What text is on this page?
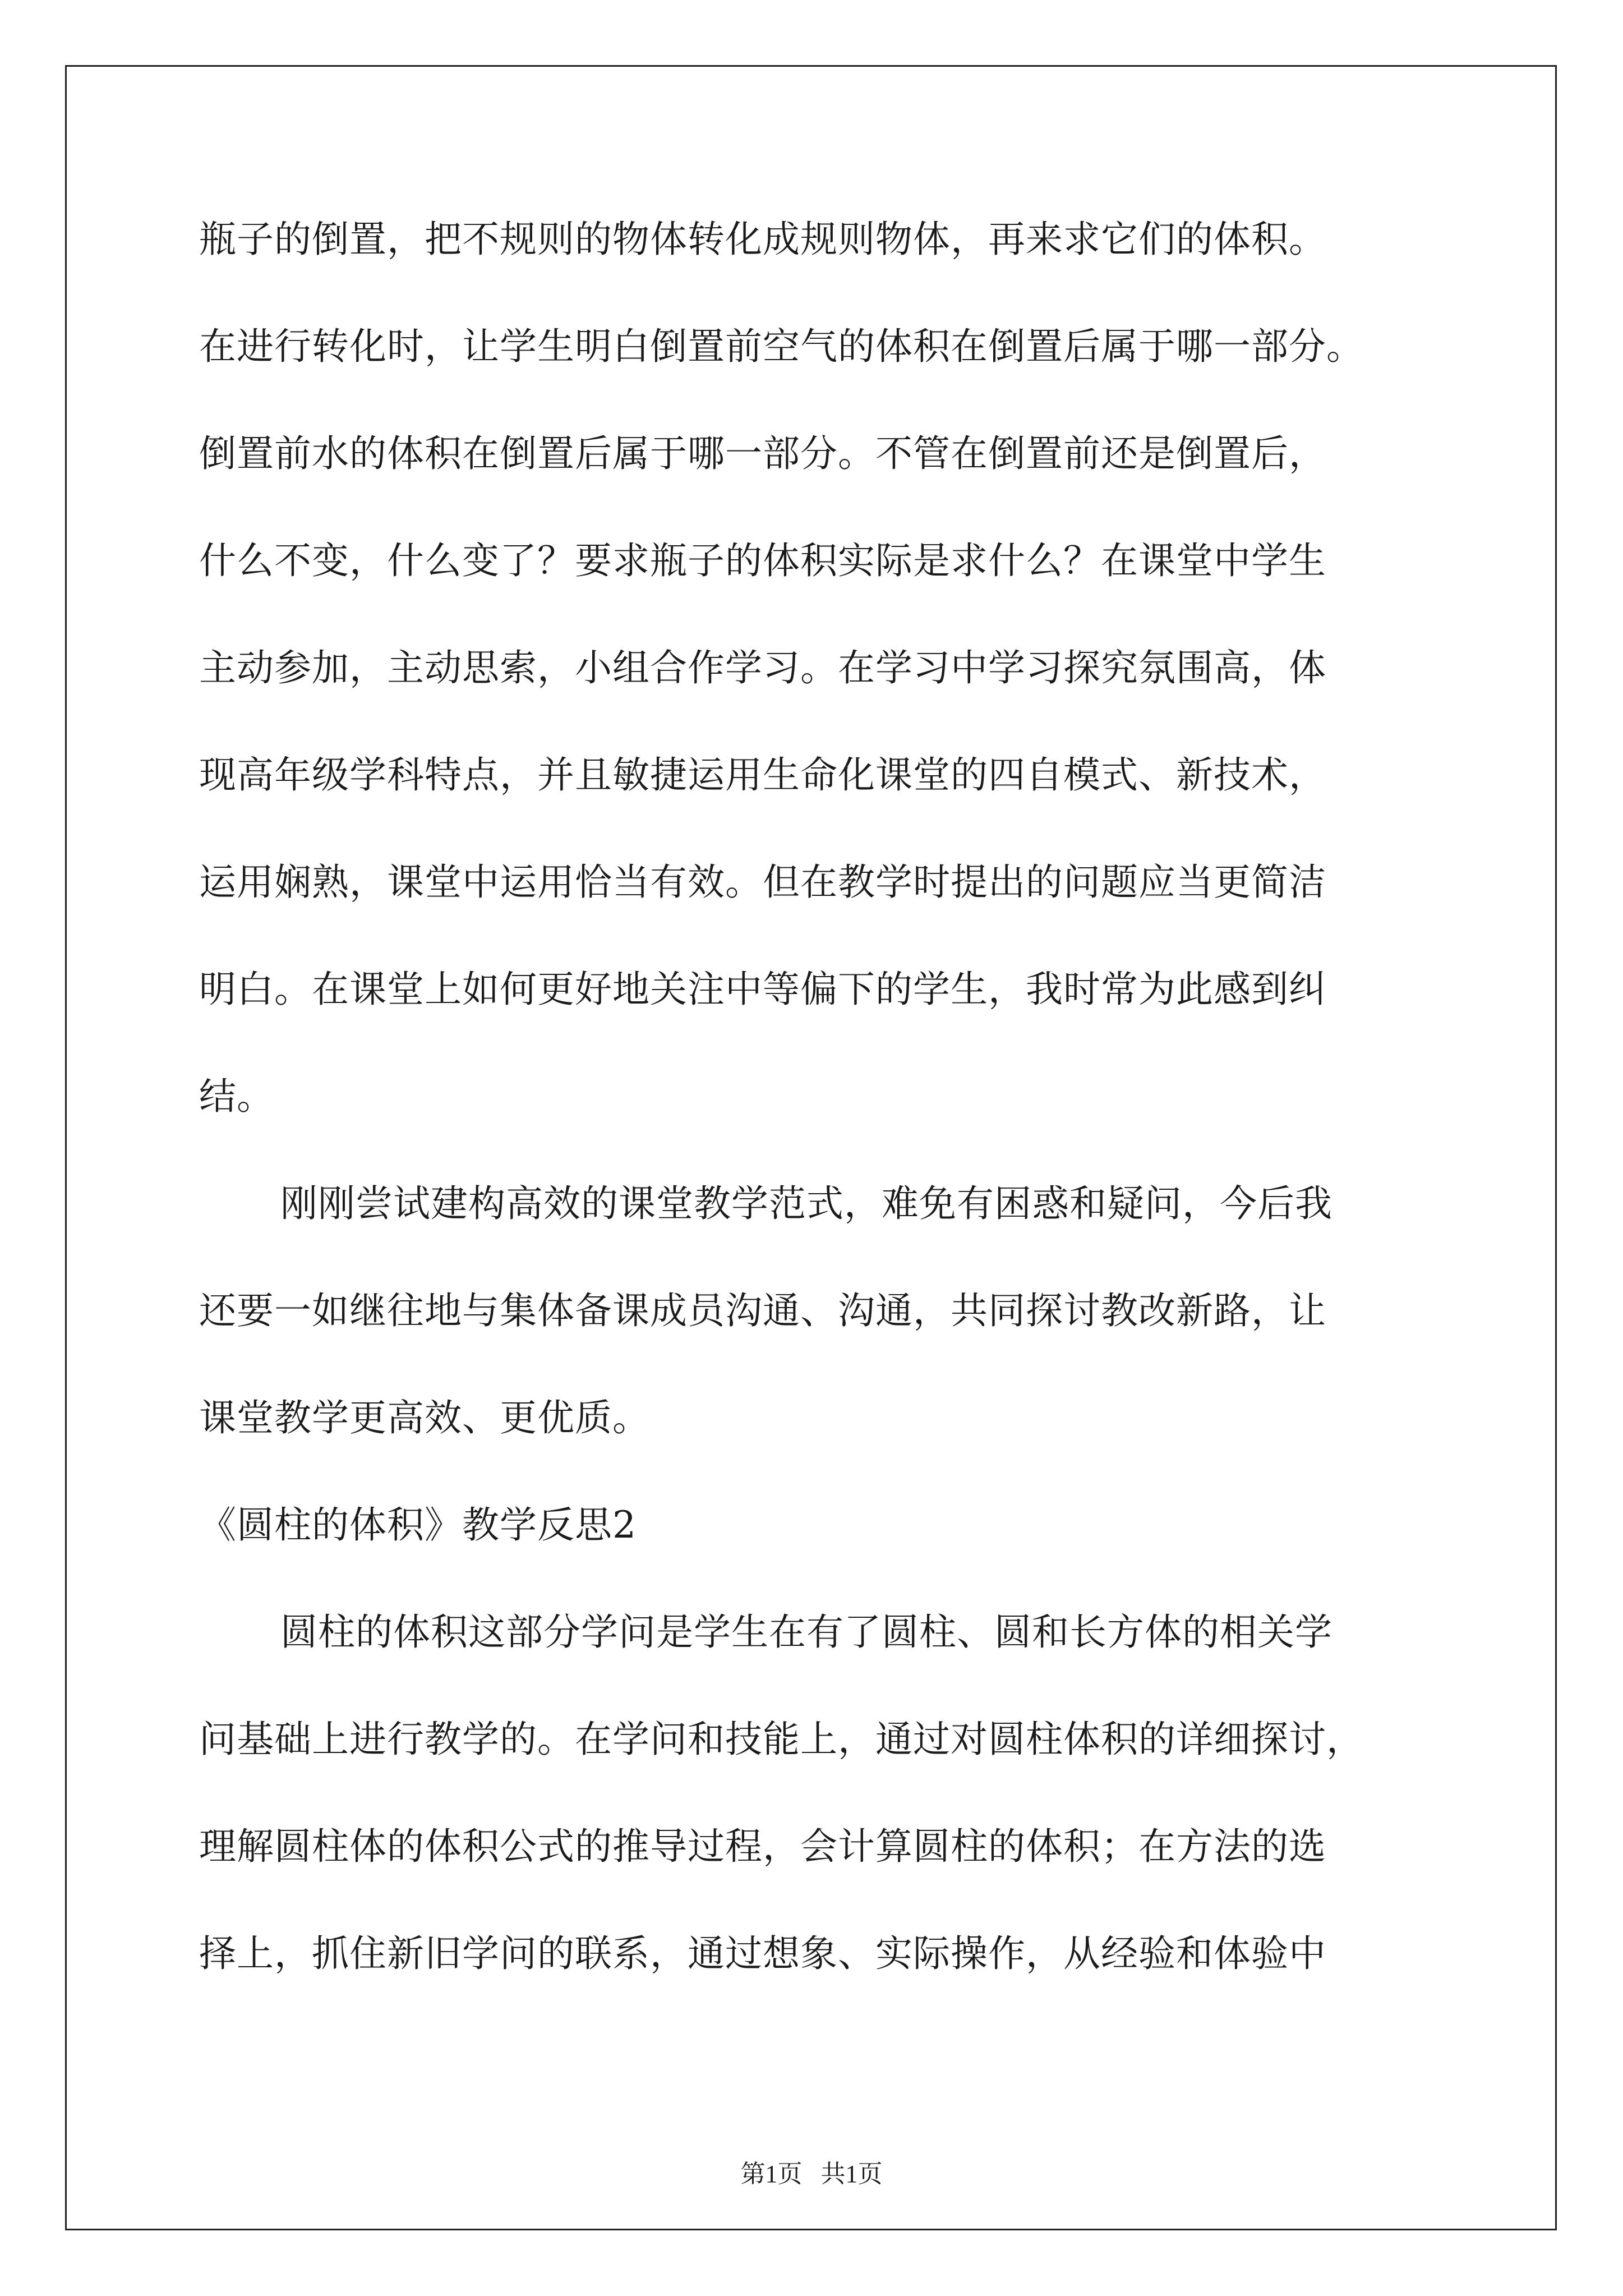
瓶子的倒置，把不规则的物体转化成规则物体，再来求它们的体积。
在进行转化时，让学生明白倒置前空气的体积在倒置后属于哪一部分。
倒置前水的体积在倒置后属于哪一部分。不管在倒置前还是倒置后，
什么不变，什么变了？要求瓶子的体积实际是求什么？在课堂中学生
主动参加，主动思索，小组合作学习。在学习中学习探究氛围高，体
现高年级学科特点，并且敏捷运用生命化课堂的四自模式、新技术，
运用娴熟，课堂中运用恰当有效。但在教学时提出的问题应当更简洁
明白。在课堂上如何更好地关注中等偏下的学生，我时常为此感到纠
结。
刚刚尝试建构高效的课堂教学范式，难免有困惑和疑问，今后我
还要一如继往地与集体备课成员沟通、沟通，共同探讨教改新路，让
课堂教学更高效、更优质。
《圆柱的体积》教学反思2
圆柱的体积这部分学问是学生在有了圆柱、圆和长方体的相关学
问基础上进行教学的。在学问和技能上，通过对圆柱体积的详细探讨，
理解圆柱体的体积公式的推导过程，会计算圆柱的体积；在方法的选
择上，抓住新旧学问的联系，通过想象、实际操作，从经验和体验中
第1页   共1页
